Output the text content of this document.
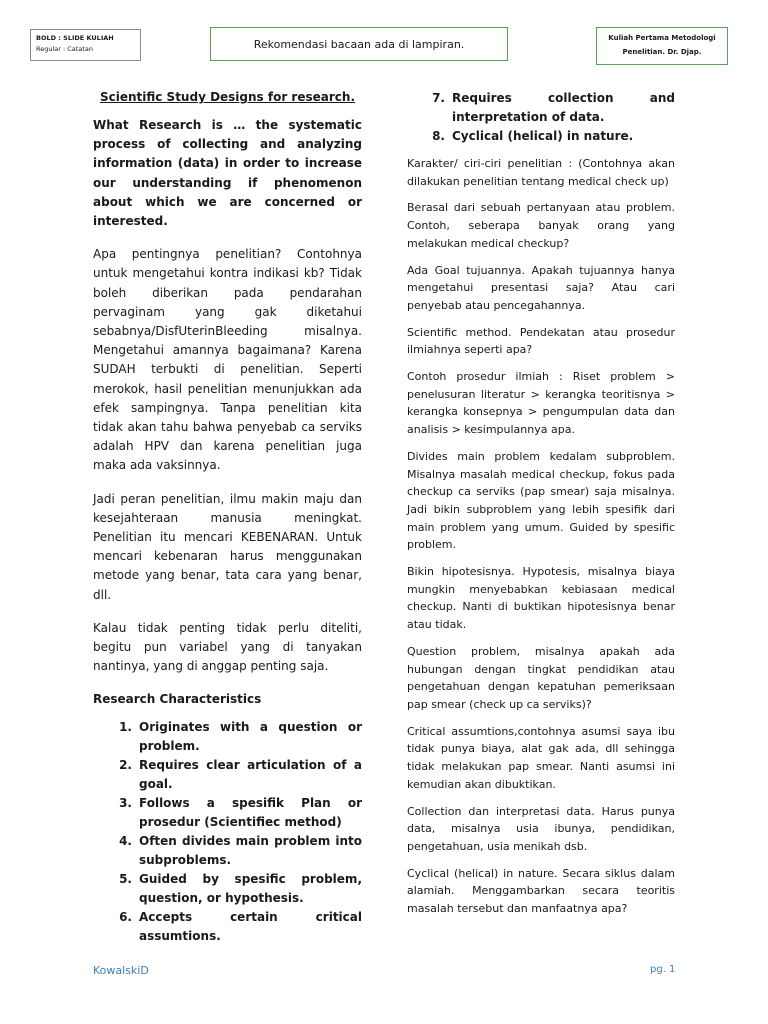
BOLD : SLIDE KULIAH
Regular : Catatan	Rekomendasi bacaan ada di lampiran.	Kuliah Pertama Metodologi
Penelitian. Dr. Djap.
Scientific Study Designs for research.

What Research is … the systematic process of collecting and analyzing information (data) in order to increase our understanding if phenomenon about which we are concerned or interested.

Apa pentingnya penelitian? Contohnya untuk mengetahui kontra indikasi kb? Tidak boleh diberikan pada pendarahan pervaginam yang gak diketahui sebabnya/DisfUterinBleeding misalnya. Mengetahui amannya bagaimana? Karena SUDAH terbukti di penelitian. Seperti merokok, hasil penelitian menunjukkan ada efek sampingnya. Tanpa penelitian kita tidak akan tahu bahwa penyebab ca serviks adalah HPV dan karena penelitian juga maka ada vaksinnya.

Jadi peran penelitian, ilmu makin maju dan kesejahteraan manusia meningkat. Penelitian itu mencari KEBENARAN. Untuk mencari kebenaran harus menggunakan metode yang benar, tata cara yang benar, dll.

Kalau tidak penting tidak perlu diteliti, begitu pun variabel yang di tanyakan nantinya, yang di anggap penting saja.

Research Characteristics
1. Originates with a question or problem.
2. Requires clear articulation of a goal.
3. Follows a spesifik Plan or prosedur (Scientifiec method)
4. Often divides main problem into subproblems.
5. Guided by spesific problem, question, or hypothesis.
6. Accepts certain critical assumtions.
7. Requires collection and interpretation of data.
8. Cyclical (helical) in nature.

Karakter/ ciri-ciri penelitian : (Contohnya akan dilakukan penelitian tentang medical check up)

Berasal dari sebuah pertanyaan atau problem. Contoh, seberapa banyak orang yang melakukan medical checkup?

Ada Goal tujuannya. Apakah tujuannya hanya mengetahui presentasi saja? Atau cari penyebab atau pencegahannya.

Scientific method. Pendekatan atau prosedur ilmiahnya seperti apa?

Contoh prosedur ilmiah : Riset problem > penelusuran literatur > kerangka teoritisnya > kerangka konsepnya > pengumpulan data dan analisis > kesimpulannya apa.

Divides main problem kedalam subproblem. Misalnya masalah medical checkup, fokus pada checkup ca serviks (pap smear) saja misalnya. Jadi bikin subproblem yang lebih spesifik dari main problem yang umum. Guided by spesific problem.

Bikin hipotesisnya. Hypotesis, misalnya biaya mungkin menyebabkan kebiasaan medical checkup. Nanti di buktikan hipotesisnya benar atau tidak.

Question problem, misalnya apakah ada hubungan dengan tingkat pendidikan atau pengetahuan dengan kepatuhan pemeriksaan pap smear (check up ca serviks)?

Critical assumtions,contohnya asumsi saya ibu tidak punya biaya, alat gak ada, dll sehingga tidak melakukan pap smear. Nanti asumsi ini kemudian akan dibuktikan.

Collection dan interpretasi data. Harus punya data, misalnya usia ibunya, pendidikan, pengetahuan, usia menikah dsb.

Cyclical (helical) in nature. Secara siklus dalam alamiah. Menggambarkan secara teoritis masalah tersebut dan manfaatnya apa?

KowalskiD	pg. 1
